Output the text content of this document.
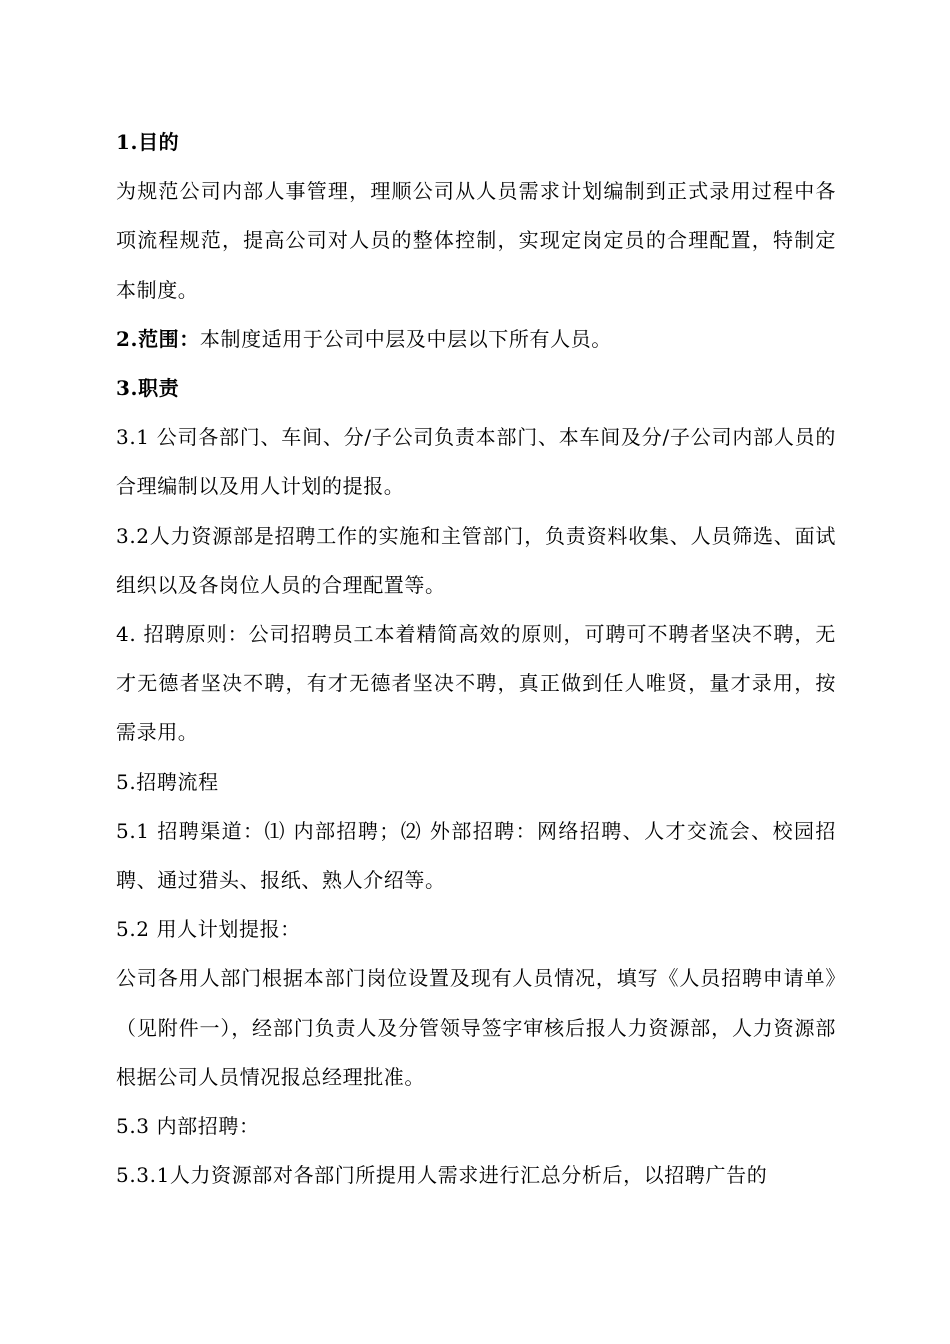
1.目的

为规范公司内部人事管理，理顺公司从人员需求计划编制到正式录用过程中各项流程规范，提高公司对人员的整体控制，实现定岗定员的合理配置，特制定本制度。

2.范围：本制度适用于公司中层及中层以下所有人员。

3.职责

3.1 公司各部门、车间、分/子公司负责本部门、本车间及分/子公司内部人员的合理编制以及用人计划的提报。

3.2人力资源部是招聘工作的实施和主管部门，负责资料收集、人员筛选、面试组织以及各岗位人员的合理配置等。

4. 招聘原则：公司招聘员工本着精简高效的原则，可聘可不聘者坚决不聘，无才无德者坚决不聘，有才无德者坚决不聘，真正做到任人唯贤，量才录用，按需录用。

5.招聘流程

5.1 招聘渠道：⑴ 内部招聘；⑵ 外部招聘：网络招聘、人才交流会、校园招聘、通过猎头、报纸、熟人介绍等。

5.2 用人计划提报：

公司各用人部门根据本部门岗位设置及现有人员情况，填写《人员招聘申请单》（见附件一），经部门负责人及分管领导签字审核后报人力资源部，人力资源部根据公司人员情况报总经理批准。

5.3 内部招聘：

5.3.1人力资源部对各部门所提用人需求进行汇总分析后，以招聘广告的
